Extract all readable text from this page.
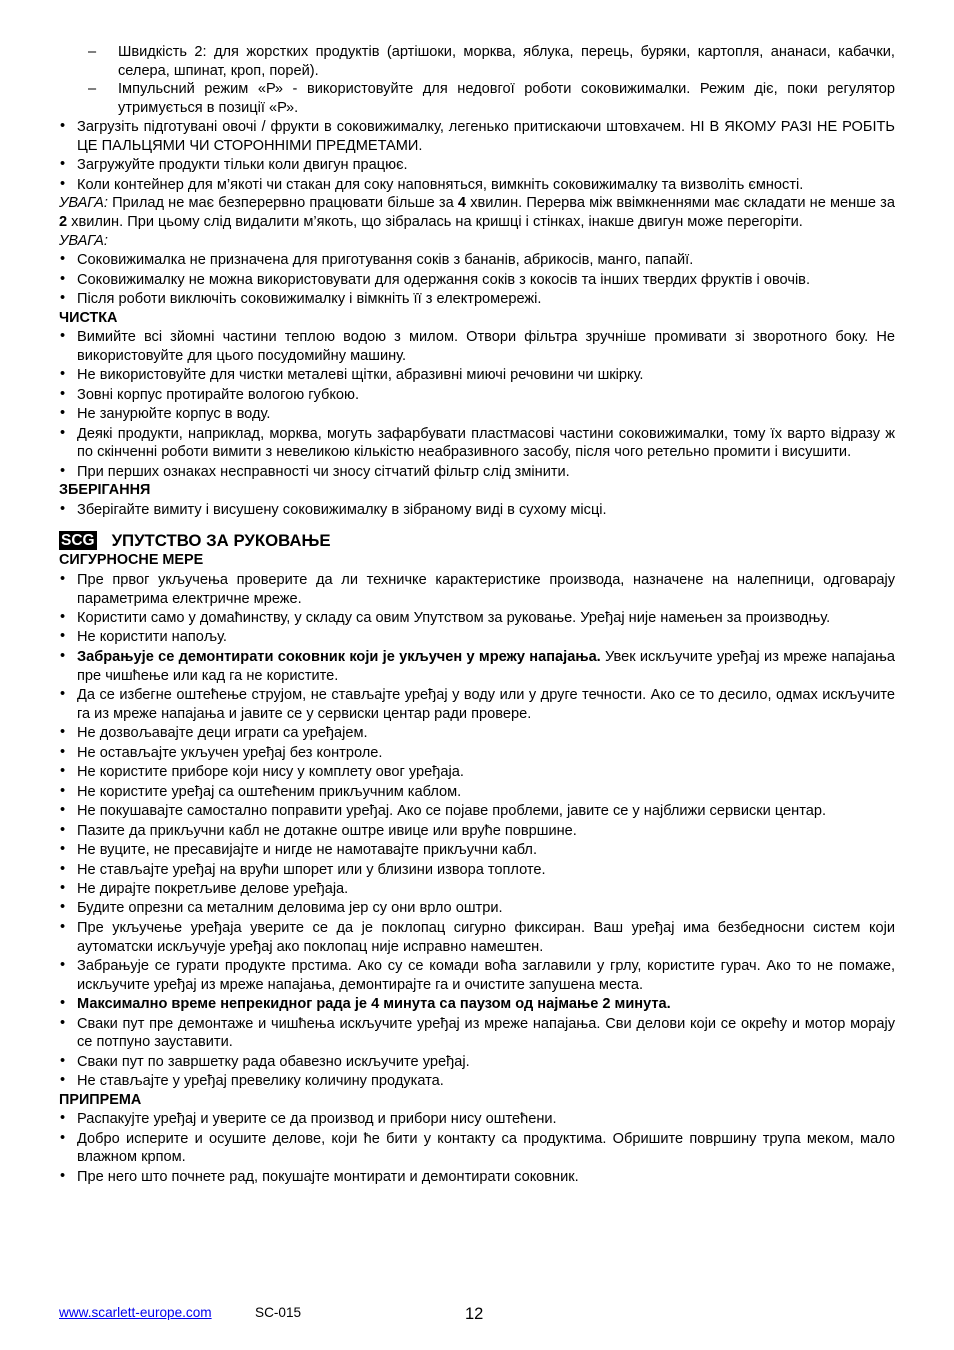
– Швидкість 2: для жорстких продуктів (артішоки, морква, яблука, перець, буряки, картопля, ананаси, кабачки, селера, шпинат, кроп, порей).
– Імпульсний режим «Р» - використовуйте для недовгої роботи соковижималки. Режим діє, поки регулятор утримується в позиції «Р».
• Загрузіть підготувані овочі / фрукти в соковижималку, легенько притискаючи штовхачем. НІ В ЯКОМУ РАЗІ НЕ РОБІТЬ ЦЕ ПАЛЬЦЯМИ ЧИ СТОРОННІМИ ПРЕДМЕТАМИ.
• Загружуйте продукти тільки коли двигун працює.
• Коли контейнер для м’якоті чи стакан для соку наповняться, вимкніть соковижималку та визволіть ємності.
УВАГА: Прилад не має безперервно працювати більше за 4 хвилин. Перерва між ввімкненнями має складати не менше за 2 хвилин. При цьому слід видалити м’якоть, що зібралась на кришці і стінках, інакше двигун може перегоріти.
УВАГА:
• Соковижималка не призначена для приготування соків з бананів, абрикосів, манго, папайї.
• Соковижималку не можна використовувати для одержання соків з кокосів та інших твердих фруктів і овочів.
• Після роботи виключіть соковижималку і вімкніть її з електромережі.
ЧИСТКА
• Вимийте всі зйомні частини теплою водою з милом. Отвори фільтра зручніше промивати зі зворотного боку. Не використовуйте для цього посудомийну машину.
• Не використовуйте для чистки металеві щітки, абразивні миючі речовини чи шкірку.
• Зовні корпус протирайте вологою губкою.
• Не занурюйте корпус в воду.
• Деякі продукти, наприклад, морква, могуть зафарбувати пластмасові частини соковижималки, тому їх варто відразу ж по скінченні роботи вимити з невеликою кількістю неабразивного засобу, після чого ретельно промити і висушити.
• При перших ознаках несправності чи зносу сітчатий фільтр слід змінити.
ЗБЕРІГАННЯ
• Зберігайте вимиту і висушену соковижималку в зібраному виді в сухому місці.
SCG УПУТСТВО ЗА РУКОВАЊЕ
СИГУРНОСНЕ МЕРЕ
• Пре првог укључења проверите да ли техничке карактеристике производа, назначене на налепници, одговарају параметрима електричне мреже.
• Користити само у домаћинству, у складу са овим Упутством за руковање. Уређај није намењен за производњу.
• Не користити напољу.
• Забрањује се демонтирати сокoвник који је укључен у мрежу напајања. Увек искључите уређај из мреже напајања пре чишћење или кад га не користите.
• Да се избегне оштећење струјом, не стављајте уређај у воду или у друге течности. Ако се то десило, одмах искључите га из мреже напајања и јавите се у сервиски центар ради провере.
• Не дозвољавајте деци играти са уређајем.
• Не остављајте укључен уређај без контроле.
• Не користите приборе који нису у комплету овог уређаја.
• Не користите уређај са оштећеним прикључним каблом.
• Не покушавајте самостално поправити уређај. Ако се појаве проблеми, јавите се у најближи сервиски центар.
• Пазите да прикључни кабл не дотакне оштре ивице или вруће површине.
• Не вуците, не пресавијајте и нигде не намотавајте прикључни кабл.
• Не стављајте уређај на врући шпорет или у близини извора топлоте.
• Не дирајте покретљиве делове уређаја.
• Будите опрезни са металним деловима јер су они врло оштри.
• Пре укључење уређаја уверите се да је поклопац сигурно фиксиран. Ваш уређај има безбедносни систем који аутоматски искључује уређај ако поклопац није исправно намештен.
• Забрањује се гурати продукте прстима. Ако су се комади воћа заглавили у грлу, користите гурач. Ако то не помаже, искључите уређај из мреже напајања, демонтирајте га и очистите запушена места.
• Максимално време непрекидног рада је 4 минута са паузом од најмање 2 минута.
• Сваки пут пре демонтаже и чишћења искључите уређај из мреже напајања. Сви делови који се окрећу и мотор морају се потпуно зауставити.
• Сваки пут по завршетку рада обавезно искључите уређај.
• Не стављајте у уређај превелику количину продуката.
ПРИПРЕМА
• Распакујте уређај и уверите се да производ и прибори нису оштећени.
• Добро исперите и осушите делове, који ће бити у контакту са продуктима. Обришите површину трупа меком, мало влажном крпом.
• Пре него што почнете рад, покушајте монтирати и демонтирати сокoвник.
www.scarlett-europe.com	SC-015	12
